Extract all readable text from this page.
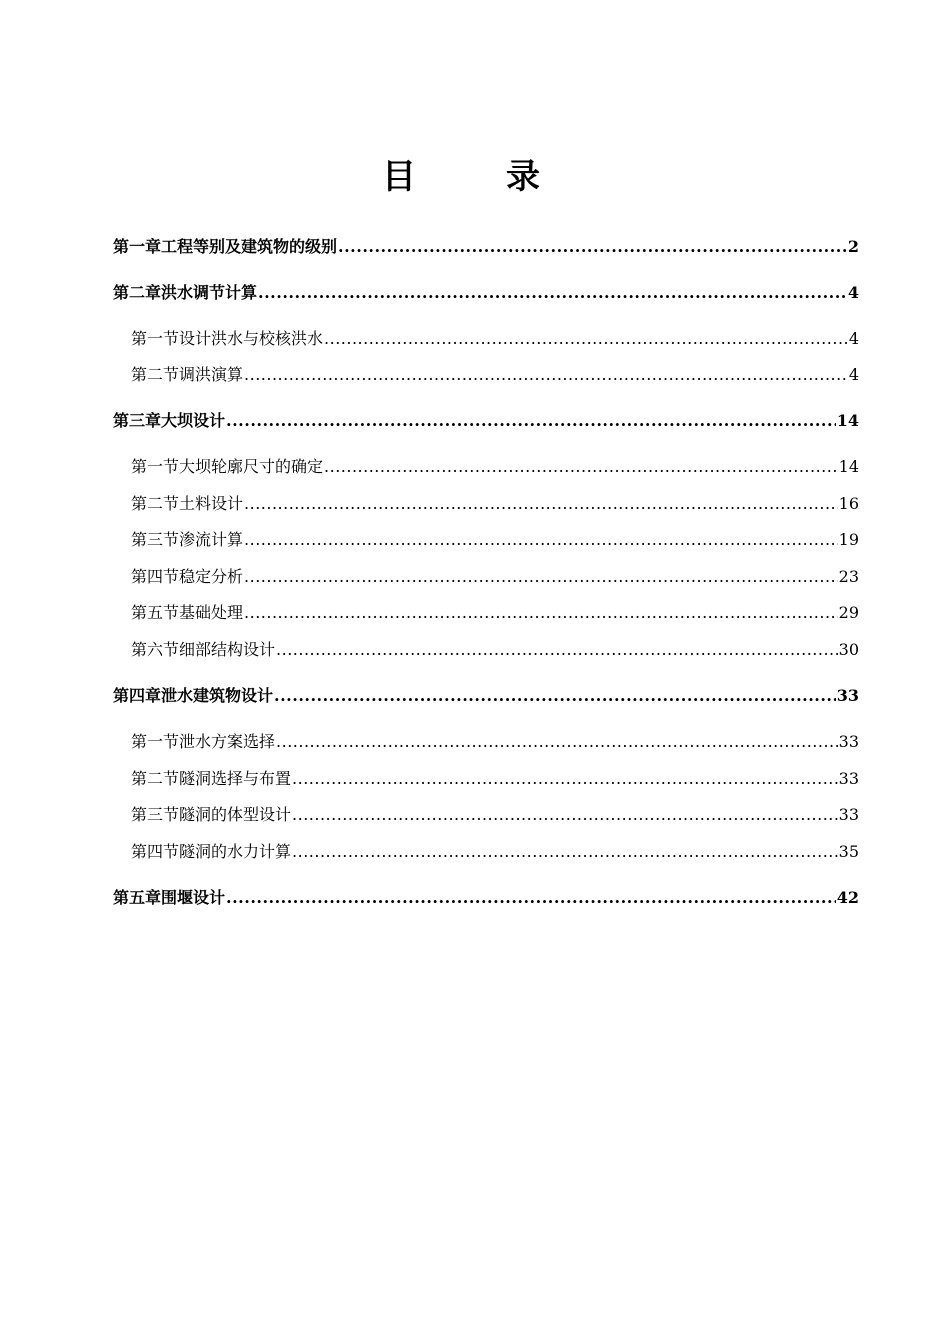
目　录
第一章 工程等别及建筑物的级别 .....	2
第二章 洪水调节计算 .....	4
第一节 设计洪水与校核洪水 .....	4
第二节 调洪演算 .....	4
第三章 大坝设计 .....	14
第一节 大坝轮廓尺寸的确定 .....	14
第二节 土料设计 .....	16
第三节 渗流计算 .....	19
第四节 稳定分析 .....	23
第五节 基础处理 .....	29
第六节 细部结构设计 .....	30
第四章 泄水建筑物设计 .....	33
第一节 泄水方案选择 .....	33
第二节 隧洞选择与布置 .....	33
第三节 隧洞的体型设计 .....	33
第四节 隧洞的水力计算 .....	35
第五章 围堰设计 .....	42
